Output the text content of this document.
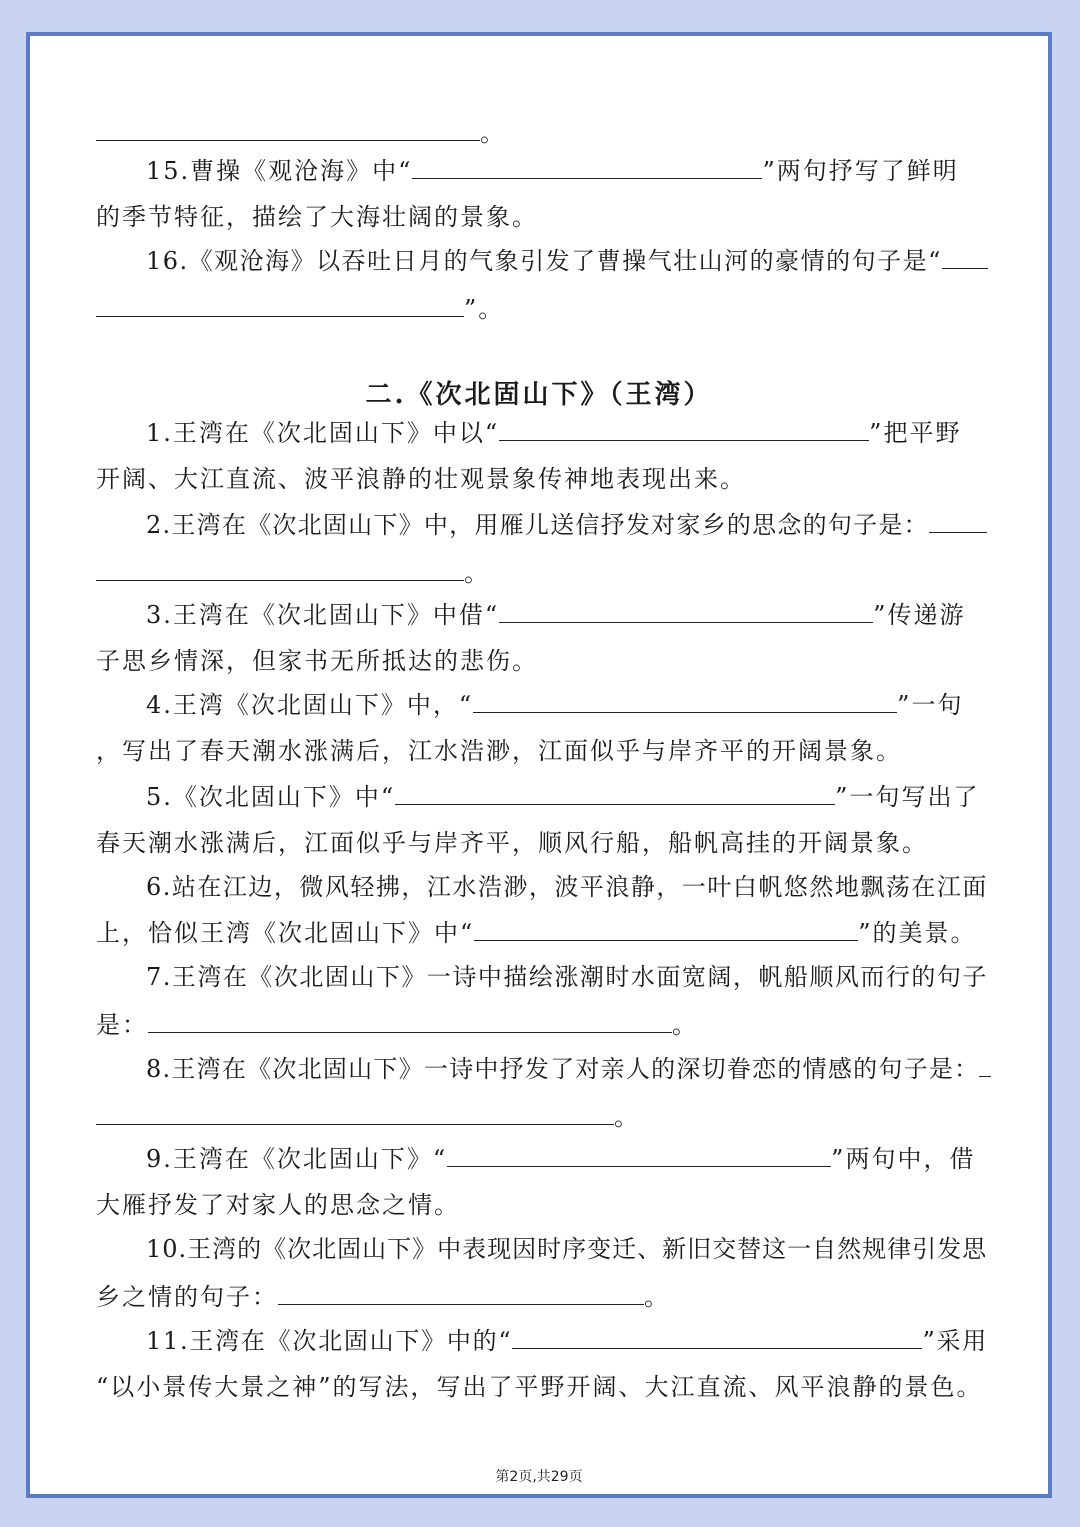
。
15.曹操《观沧海》中“	”两句抒写了鲜明
的季节特征，描绘了大海壮阔的景象。
16.《观沧海》以吞吐日月的气象引发了曹操气壮山河的豪情的句子是“
”。
二.《次北固山下》（王湾）
1.王湾在《次北固山下》中以“	”把平野
开阔、大江直流、波平浪静的壮观景象传神地表现出来。
2.王湾在《次北固山下》中，用雁儿送信抒发对家乡的思念的句子是：
。
3.王湾在《次北固山下》中借“	”传递游
子思乡情深，但家书无所抵达的悲伤。
4.王湾《次北固山下》中，“	”一句
，写出了春天潮水涨满后，江水浩渺，江面似乎与岸齐平的开阔景象。
5.《次北固山下》中“	”一句写出了
春天潮水涨满后，江面似乎与岸齐平，顺风行船，船帆高挂的开阔景象。
6.站在江边，微风轻拂，江水浩渺，波平浪静，一叶白帆悠然地飘荡在江面
上，恰似王湾《次北固山下》中“	”的美景。
7.王湾在《次北固山下》一诗中描绘涨潮时水面宽阔，帆船顺风而行的句子
是：	。
8.王湾在《次北固山下》一诗中抒发了对亲人的深切眷恋的情感的句子是：
。
9.王湾在《次北固山下》“	”两句中，借
大雁抒发了对家人的思念之情。
10.王湾的《次北固山下》中表现因时序变迁、新旧交替这一自然规律引发思
乡之情的句子：	。
11.王湾在《次北固山下》中的“	”采用
“以小景传大景之神”的写法，写出了平野开阔、大江直流、风平浪静的景色。
第2页,共29页
